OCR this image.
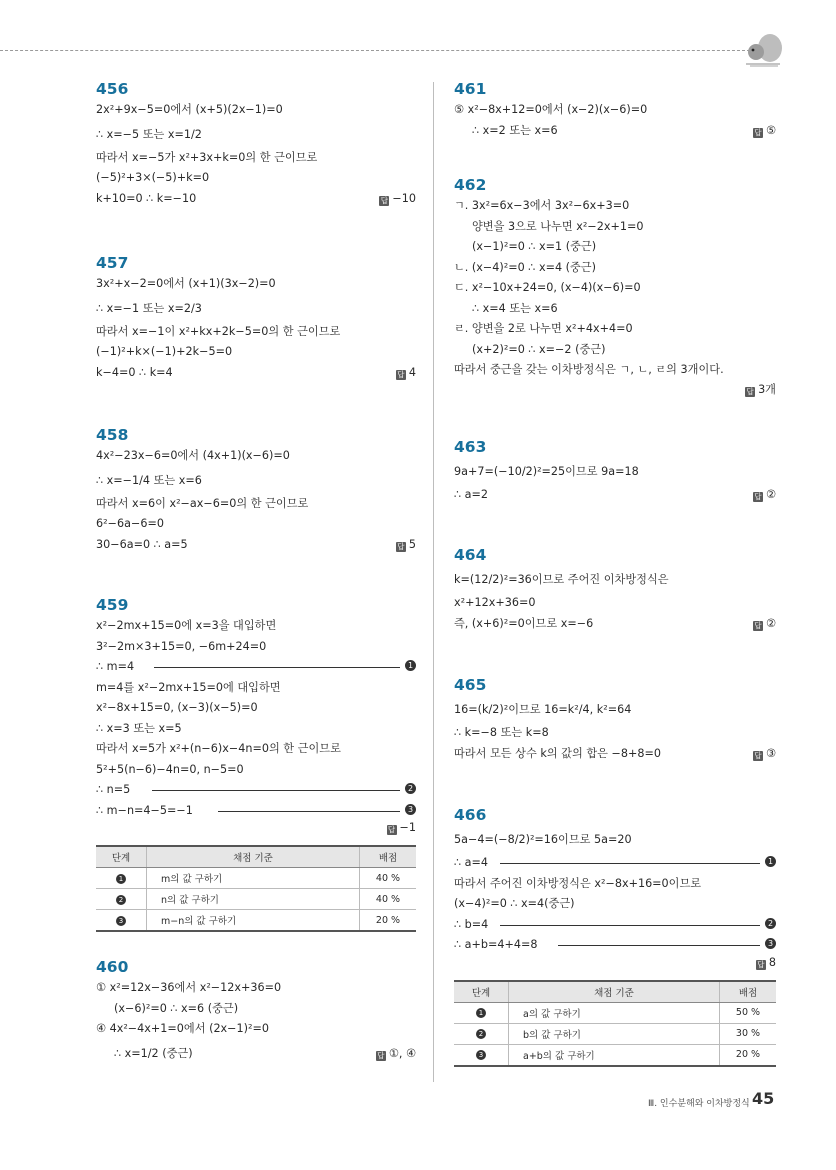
456
2x²+9x−5=0에서 (x+5)(2x−1)=0
∴ x=−5 또는 x=1/2
따라서 x=−5가 x²+3x+k=0의 한 근이므로
(−5)²+3×(−5)+k=0
k+10=0 ∴ k=−10	답 −10
457
3x²+x−2=0에서 (x+1)(3x−2)=0
∴ x=−1 또는 x=2/3
따라서 x=−1이 x²+kx+2k−5=0의 한 근이므로
(−1)²+k×(−1)+2k−5=0
k−4=0 ∴ k=4	답 4
458
4x²−23x−6=0에서 (4x+1)(x−6)=0
∴ x=−1/4 또는 x=6
따라서 x=6이 x²−ax−6=0의 한 근이므로
6²−6a−6=0
30−6a=0 ∴ a=5	답 5
459
x²−2mx+15=0에 x=3을 대입하면
3²−2m×3+15=0, −6m+24=0
∴ m=4	1
m=4를 x²−2mx+15=0에 대입하면
x²−8x+15=0, (x−3)(x−5)=0
∴ x=3 또는 x=5
따라서 x=5가 x²+(n−6)x−4n=0의 한 근이므로
5²+5(n−6)−4n=0, n−5=0
∴ n=5	2
∴ m−n=4−5=−1	3
답 −1
단계	채점 기준	배점
1	m의 값 구하기	40 %
2	n의 값 구하기	40 %
3	m−n의 값 구하기	20 %
460
① x²=12x−36에서 x²−12x+36=0
(x−6)²=0 ∴ x=6 (중근)
④ 4x²−4x+1=0에서 (2x−1)²=0
∴ x=1/2 (중근)	답 ①, ④
461
⑤ x²−8x+12=0에서 (x−2)(x−6)=0
∴ x=2 또는 x=6	답 ⑤
462
ㄱ. 3x²=6x−3에서 3x²−6x+3=0
양변을 3으로 나누면 x²−2x+1=0
(x−1)²=0 ∴ x=1 (중근)
ㄴ. (x−4)²=0 ∴ x=4 (중근)
ㄷ. x²−10x+24=0, (x−4)(x−6)=0
∴ x=4 또는 x=6
ㄹ. 양변을 2로 나누면 x²+4x+4=0
(x+2)²=0 ∴ x=−2 (중근)
따라서 중근을 갖는 이차방정식은 ㄱ, ㄴ, ㄹ의 3개이다.
답 3개
463
9a+7=(−10/2)²=25이므로 9a=18
∴ a=2	답 ②
464
k=(12/2)²=36이므로 주어진 이차방정식은
x²+12x+36=0
즉, (x+6)²=0이므로 x=−6	답 ②
465
16=(k/2)²이므로 16=k²/4, k²=64
∴ k=−8 또는 k=8
따라서 모든 상수 k의 값의 합은 −8+8=0	답 ③
466
5a−4=(−8/2)²=16이므로 5a=20
∴ a=4	1
따라서 주어진 이차방정식은 x²−8x+16=0이므로
(x−4)²=0 ∴ x=4(중근)
∴ b=4	2
∴ a+b=4+4=8	3
답 8
단계	채점 기준	배점
1	a의 값 구하기	50 %
2	b의 값 구하기	30 %
3	a+b의 값 구하기	20 %
Ⅲ. 인수분해와 이차방정식 45
